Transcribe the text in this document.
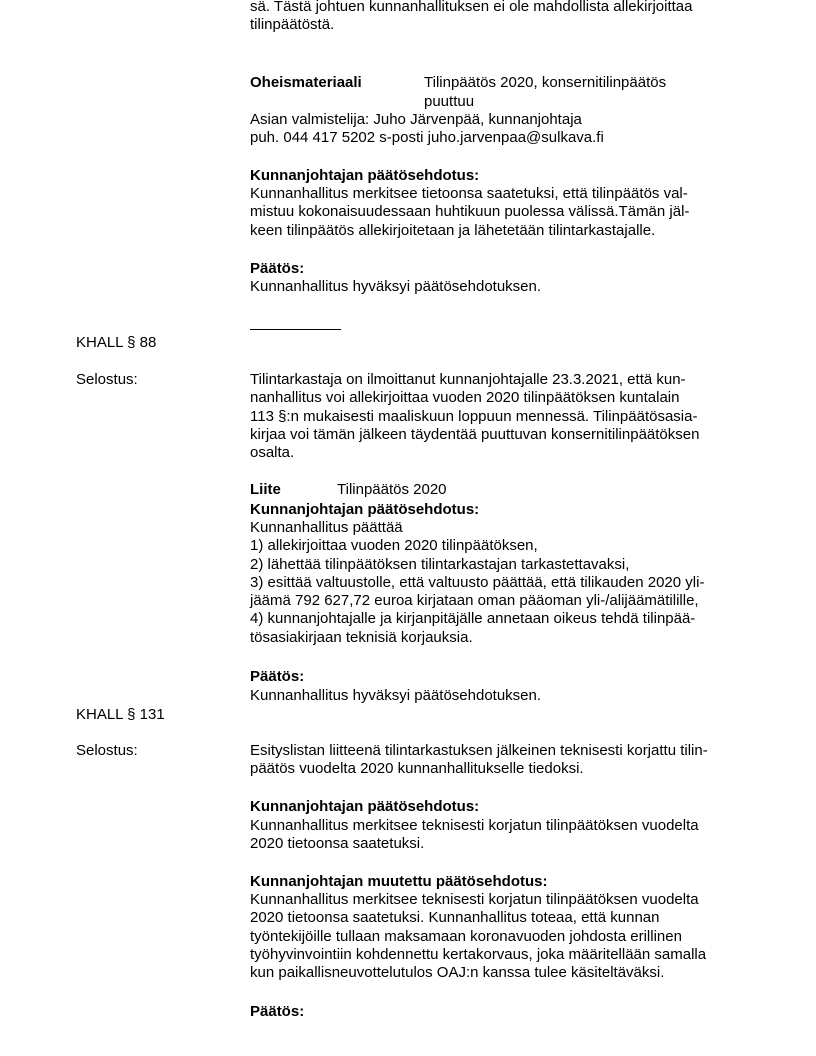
sä. Tästä johtuen kunnanhallituksen ei ole mahdollista allekirjoittaa
tilinpäätöstä.

Oheismateriaali	Tilinpäätös 2020, konsernitilinpäätös
puuttuu

Asian valmistelija: Juho Järvenpää, kunnanjohtaja
puh. 044 417 5202 s-posti juho.jarvenpaa@sulkava.fi
Kunnanjohtajan päätösehdotus:
Kunnanhallitus merkitsee tietoonsa saatetuksi, että tilinpäätös val-
mistuu kokonaisuudessaan huhtikuun puolessa välissä.Tämän jäl-
keen tilinpäätös allekirjoitetaan ja lähetetään tilintarkastajalle.
Päätös:
Kunnanhallitus hyväksyi päätösehdotuksen.
KHALL § 88
Selostus:	Tilintarkastaja on ilmoittanut kunnanjohtajalle 23.3.2021, että kun-
nanhallitus voi allekirjoittaa vuoden 2020 tilinpäätöksen kuntalain
113 §:n mukaisesti maaliskuun loppuun mennessä. Tilinpäätösasia-
kirjaa voi tämän jälkeen täydentää puuttuvan konsernitilinpäätöksen
osalta.

Liite	Tilinpäätös 2020

Kunnanjohtajan päätösehdotus:
Kunnanhallitus päättää
1) allekirjoittaa vuoden 2020 tilinpäätöksen,
2) lähettää tilinpäätöksen tilintarkastajan tarkastettavaksi,
3) esittää valtuustolle, että valtuusto päättää, että tilikauden 2020 yli-
jäämä 792 627,72 euroa kirjataan oman pääoman yli-/alijäämätilille,
4) kunnanjohtajalle ja kirjanpitäjälle annetaan oikeus tehdä tilinpää-
tösasiakirjaan teknisiä korjauksia.
Päätös:
Kunnanhallitus hyväksyi päätösehdotuksen.
KHALL § 131
Selostus:	Esityslistan liitteenä tilintarkastuksen jälkeinen teknisesti korjattu tilin-
päätös vuodelta 2020 kunnanhallitukselle tiedoksi.
Kunnanjohtajan päätösehdotus:
Kunnanhallitus merkitsee teknisesti korjatun tilinpäätöksen vuodelta
2020 tietoonsa saatetuksi.
Kunnanjohtajan muutettu päätösehdotus:
Kunnanhallitus merkitsee teknisesti korjatun tilinpäätöksen vuodelta
2020 tietoonsa saatetuksi. Kunnanhallitus toteaa, että kunnan
työntekijöille tullaan maksamaan koronavuoden johdosta erillinen
työhyvinvointiin kohdennettu kertakorvaus, joka määritellään samalla
kun paikallisneuvottelutulos OAJ:n kanssa tulee käsiteltäväksi.
Päätös:
